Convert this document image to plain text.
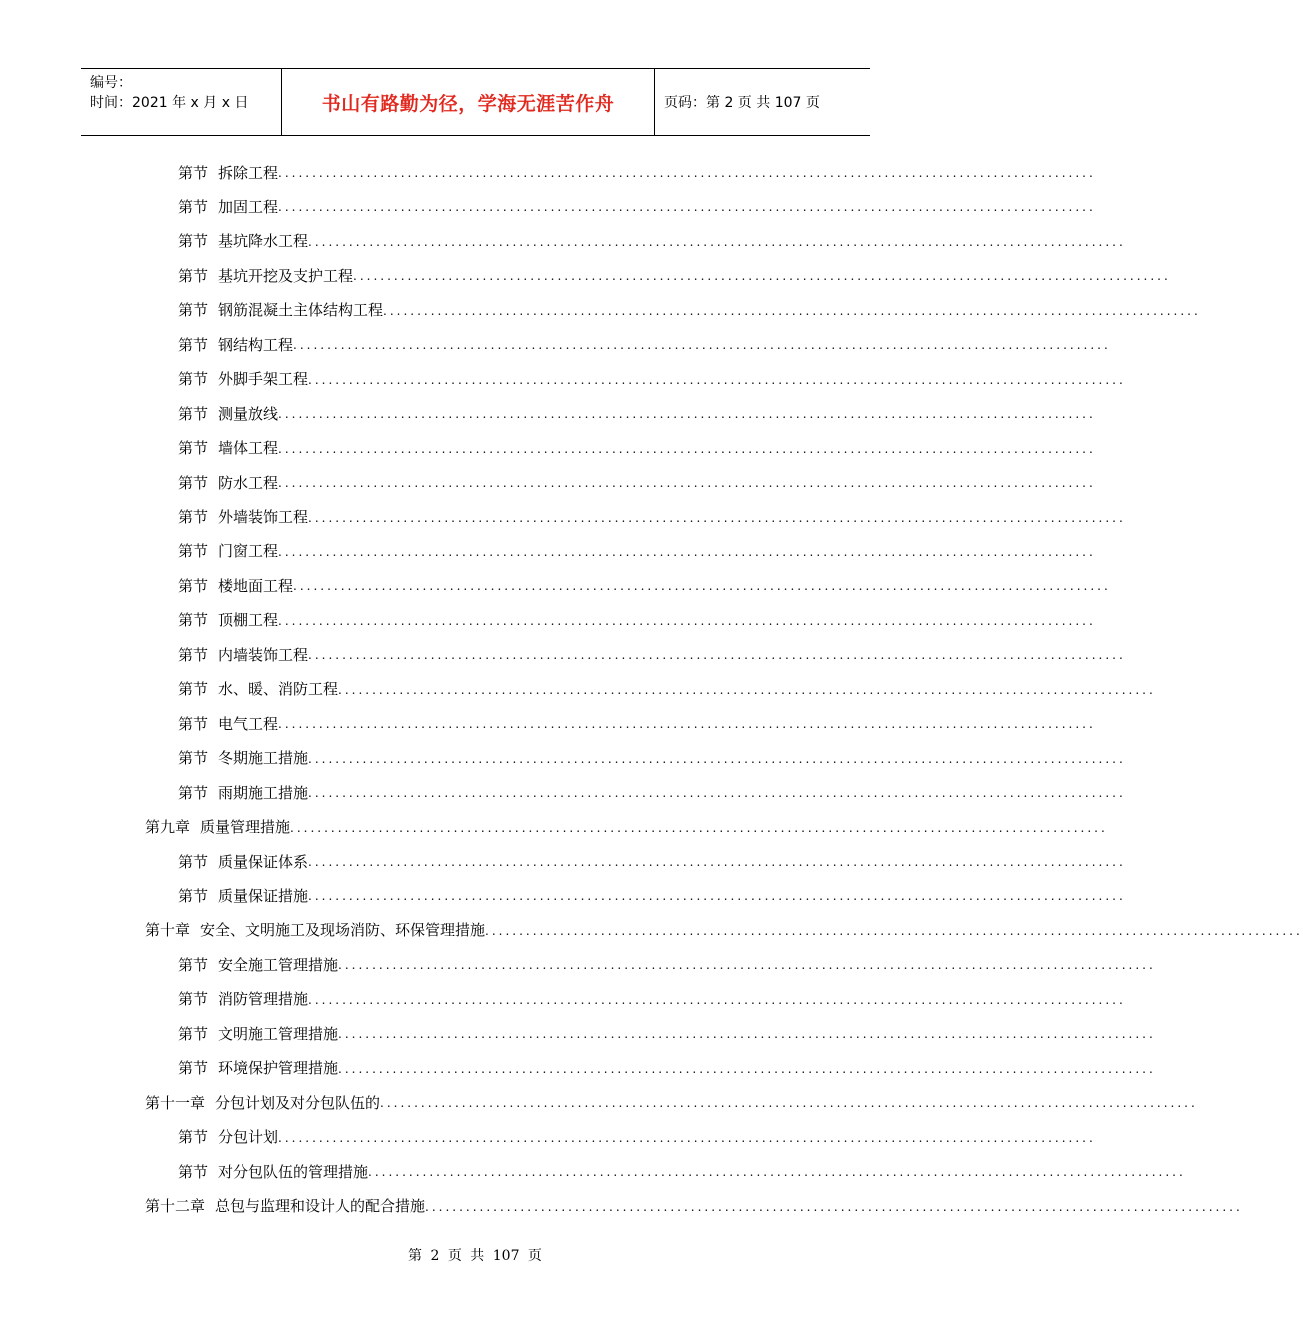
编号：
时间：2021 年 x 月 x 日	书山有路勤为径，学海无涯苦作舟	页码：第 2 页 共 107 页
第节 拆除工程 ........................................................................................................................
第节 加固工程 ........................................................................................................................
第节 基坑降水工程 ........................................................................................................................
第节 基坑开挖及支护工程 ........................................................................................................................
第节 钢筋混凝土主体结构工程 ........................................................................................................................
第节 钢结构工程 ........................................................................................................................
第节 外脚手架工程 ........................................................................................................................
第节 测量放线 ........................................................................................................................
第节 墙体工程 ........................................................................................................................
第节 防水工程 ........................................................................................................................
第节 外墙装饰工程 ........................................................................................................................
第节 门窗工程 ........................................................................................................................
第节 楼地面工程 ........................................................................................................................
第节 顶棚工程 ........................................................................................................................
第节 内墙装饰工程 ........................................................................................................................
第节 水、暖、消防工程 ........................................................................................................................
第节 电气工程 ........................................................................................................................
第节 冬期施工措施 ........................................................................................................................
第节 雨期施工措施 ........................................................................................................................
第九章 质量管理措施 ........................................................................................................................
第节 质量保证体系 ........................................................................................................................
第节 质量保证措施 ........................................................................................................................
第十章 安全、文明施工及现场消防、环保管理措施 ........................................................................................................................
第节 安全施工管理措施 ........................................................................................................................
第节 消防管理措施 ........................................................................................................................
第节 文明施工管理措施 ........................................................................................................................
第节 环境保护管理措施 ........................................................................................................................
第十一章 分包计划及对分包队伍的 ........................................................................................................................
第节 分包计划 ........................................................................................................................
第节 对分包队伍的管理措施 ........................................................................................................................
第十二章 总包与监理和设计人的配合措施 ........................................................................................................................
第 2 页 共 107 页
